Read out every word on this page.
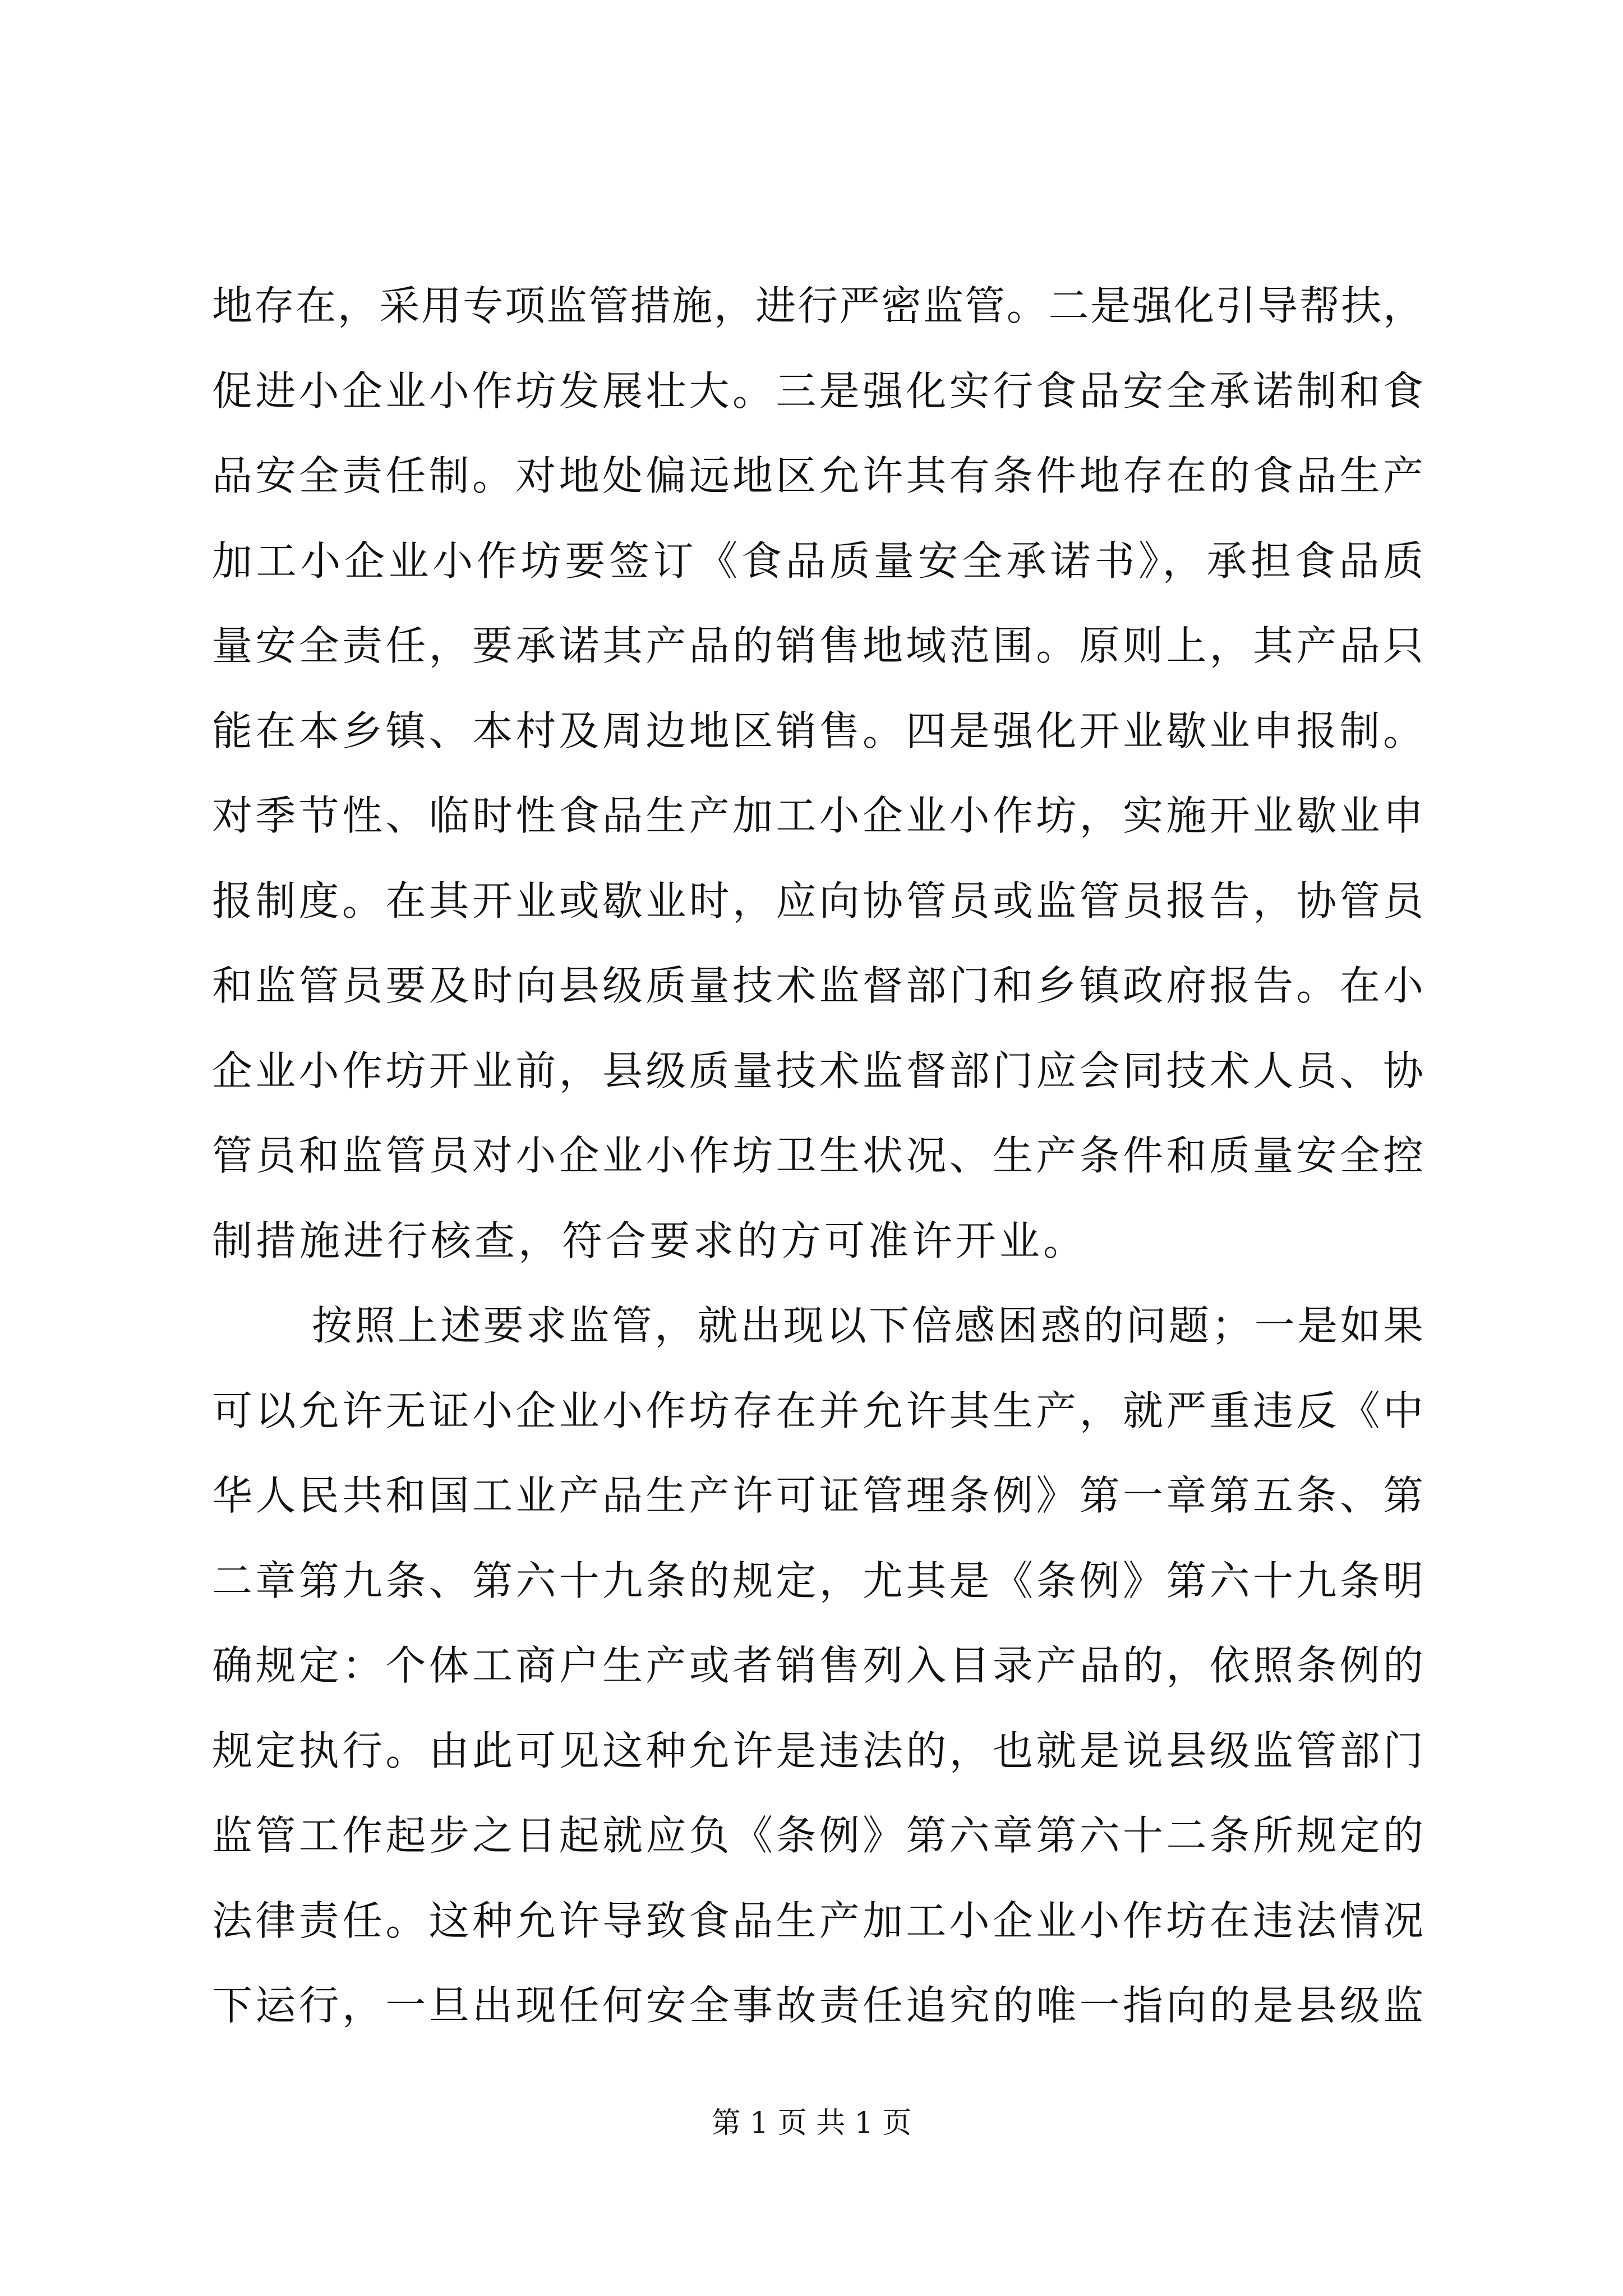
地存在，采用专项监管措施，进行严密监管。二是强化引导帮扶，
促进小企业小作坊发展壮大。三是强化实行食品安全承诺制和食
品安全责任制。对地处偏远地区允许其有条件地存在的食品生产
加工小企业小作坊要签订《食品质量安全承诺书》，承担食品质
量安全责任，要承诺其产品的销售地域范围。原则上，其产品只
能在本乡镇、本村及周边地区销售。四是强化开业歇业申报制。
对季节性、临时性食品生产加工小企业小作坊，实施开业歇业申
报制度。在其开业或歇业时，应向协管员或监管员报告，协管员
和监管员要及时向县级质量技术监督部门和乡镇政府报告。在小
企业小作坊开业前，县级质量技术监督部门应会同技术人员、协
管员和监管员对小企业小作坊卫生状况、生产条件和质量安全控
制措施进行核查，符合要求的方可准许开业。
按照上述要求监管，就出现以下倍感困惑的问题；一是如果
可以允许无证小企业小作坊存在并允许其生产，就严重违反《中
华人民共和国工业产品生产许可证管理条例》第一章第五条、第
二章第九条、第六十九条的规定，尤其是《条例》第六十九条明
确规定：个体工商户生产或者销售列入目录产品的，依照条例的
规定执行。由此可见这种允许是违法的，也就是说县级监管部门
监管工作起步之日起就应负《条例》第六章第六十二条所规定的
法律责任。这种允许导致食品生产加工小企业小作坊在违法情况
下运行，一旦出现任何安全事故责任追究的唯一指向的是县级监
第 1 页 共 1 页
